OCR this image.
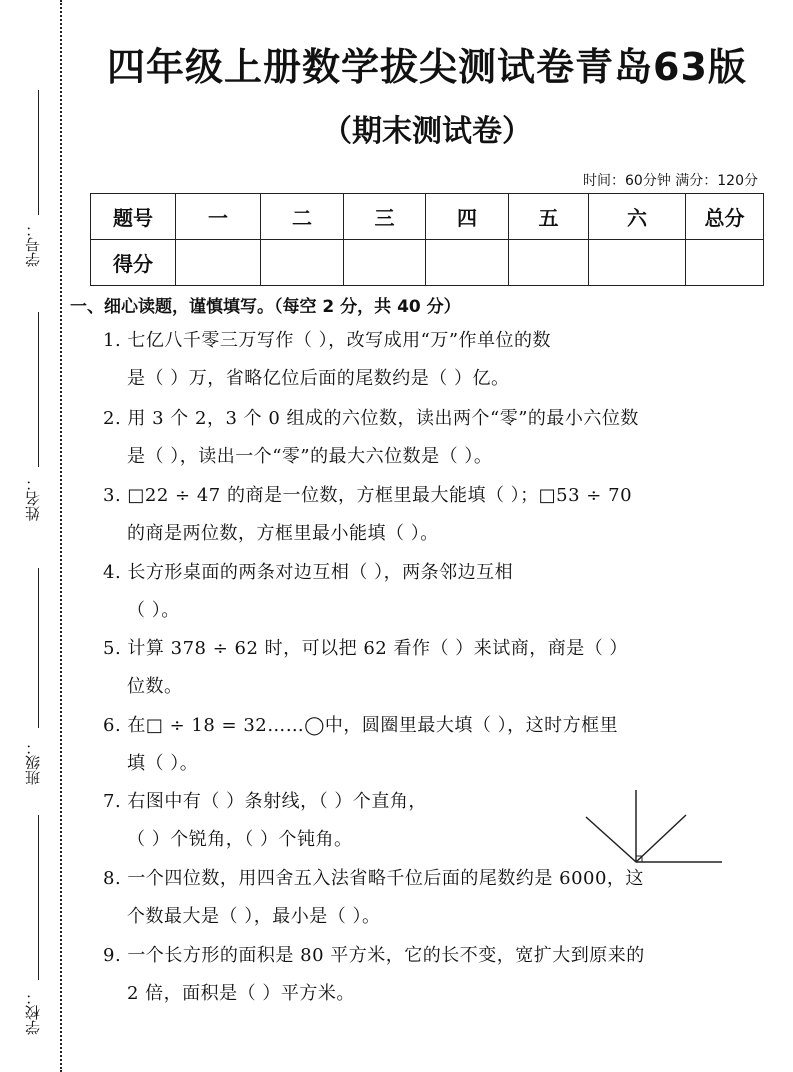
学号：
姓名：
班级：
学校：
四年级上册数学拔尖测试卷青岛63版
（期末测试卷）
时间：60分钟 满分：120分
题号	一	二	三	四	五	六	总分
得分							
一、细心读题，谨慎填写。（每空 2 分，共 40 分）
1. 七亿八千零三万写作（ ），改写成用“万”作单位的数
是（ ）万，省略亿位后面的尾数约是（ ）亿。
2. 用 3 个 2，3 个 0 组成的六位数，读出两个“零”的最小六位数
是（ ），读出一个“零”的最大六位数是（ ）。
3. □22 ÷ 47 的商是一位数，方框里最大能填（ ）；□53 ÷ 70
的商是两位数，方框里最小能填（ ）。
4. 长方形桌面的两条对边互相（ ），两条邻边互相
（ ）。
5. 计算 378 ÷ 62 时，可以把 62 看作（ ）来试商，商是（ ）
位数。
6. 在□ ÷ 18 = 32……◯中，圆圈里最大填（ ），这时方框里
填（ ）。
7. 右图中有（ ）条射线，（ ）个直角，
（ ）个锐角，（ ）个钝角。
8. 一个四位数，用四舍五入法省略千位后面的尾数约是 6000，这
个数最大是（ ），最小是（ ）。
9. 一个长方形的面积是 80 平方米，它的长不变，宽扩大到原来的
2 倍，面积是（ ）平方米。
